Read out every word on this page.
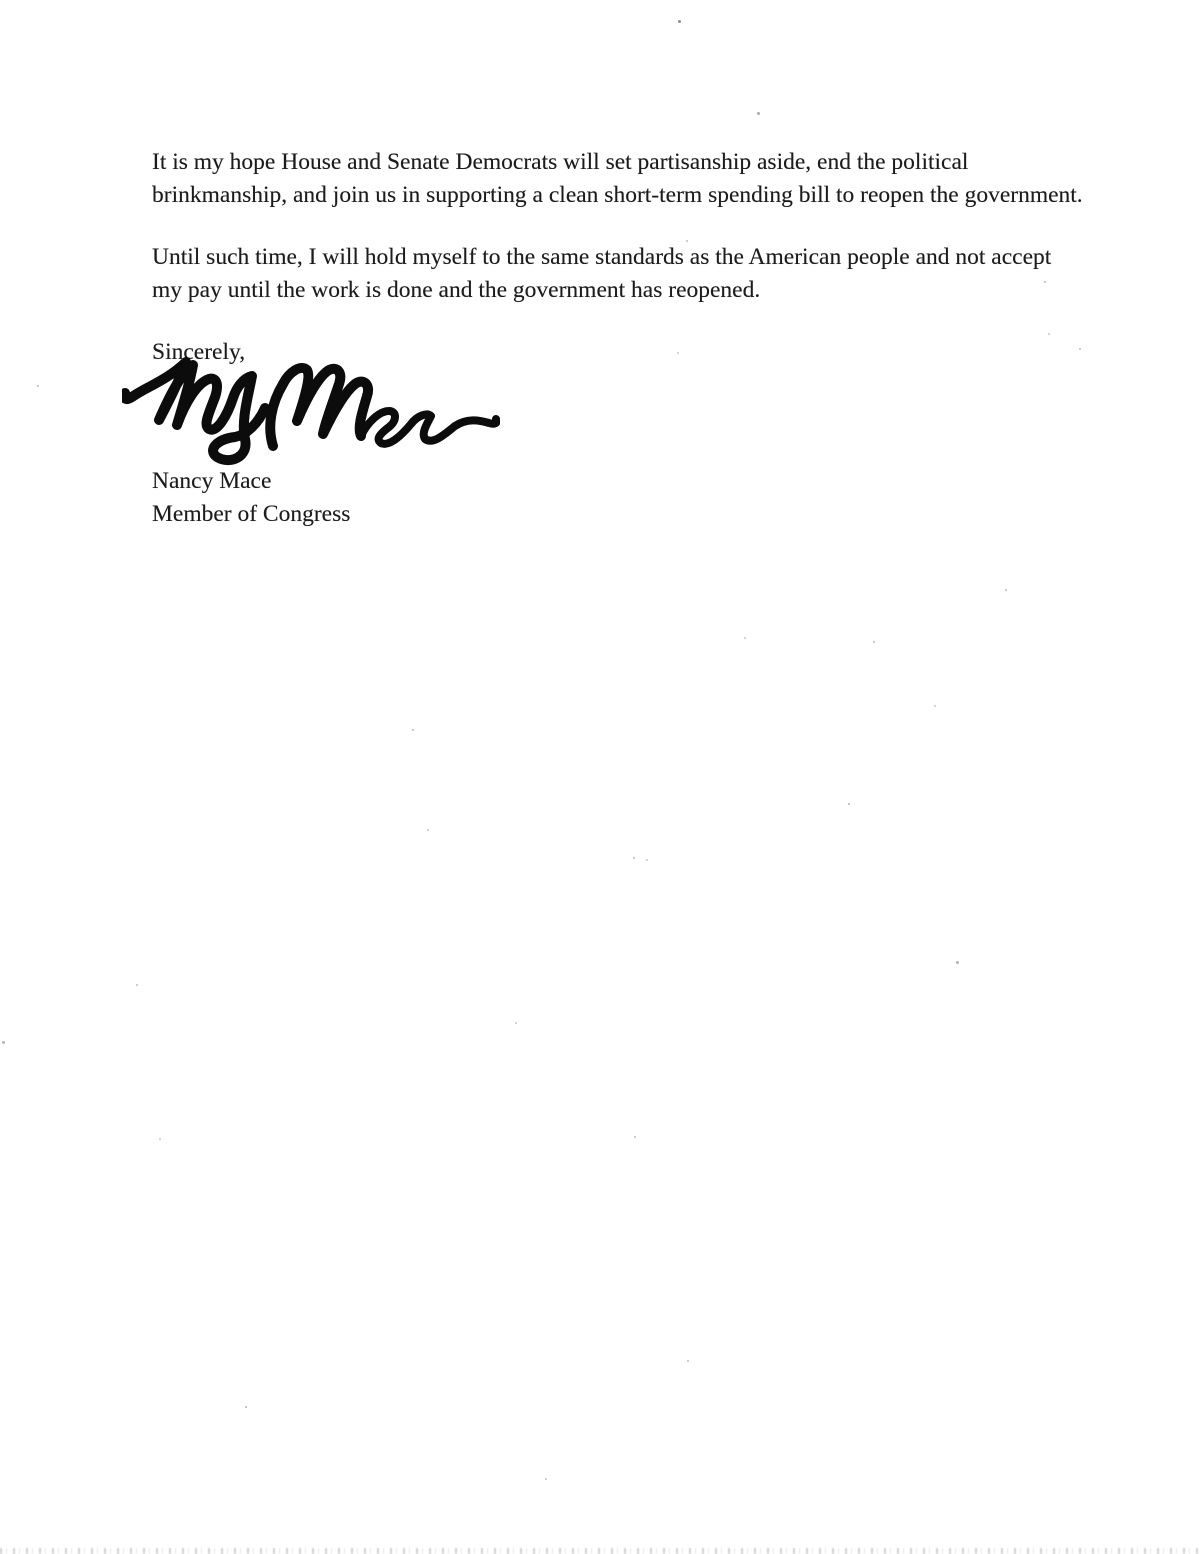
It is my hope House and Senate Democrats will set partisanship aside, end the political brinkmanship, and join us in supporting a clean short-term spending bill to reopen the government.

Until such time, I will hold myself to the same standards as the American people and not accept my pay until the work is done and the government has reopened.

Sincerely,
Nancy Mace
Member of Congress
